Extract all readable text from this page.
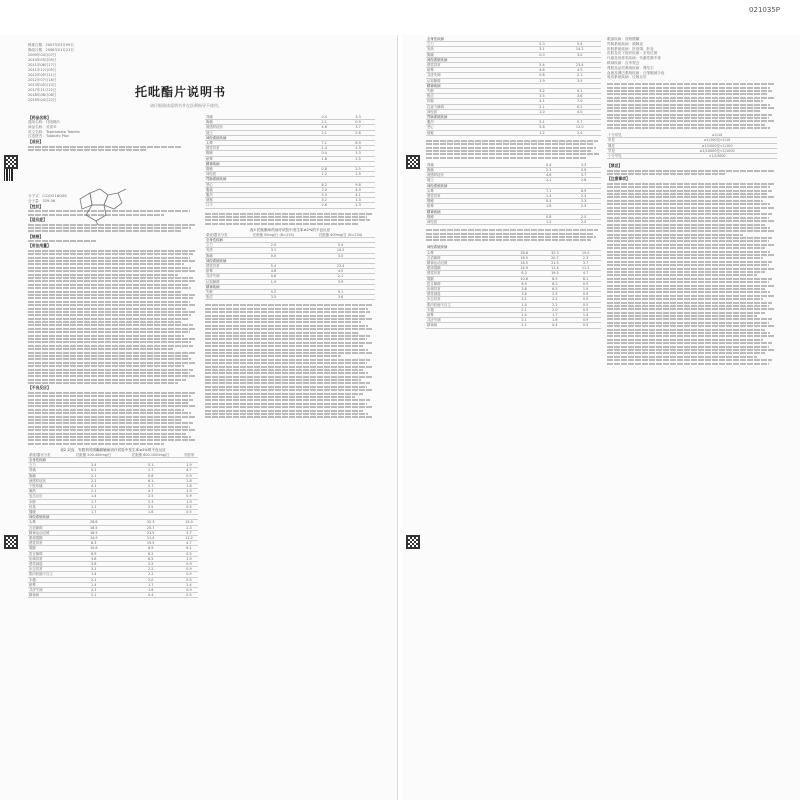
021035P
核准日期：2007年03月09日
修改日期：2008年01月21日
2009年04月07日
2010年05月05日
2011年08月17日
2011年12月05日
2012年05月11日
2012年07月18日
2013年05月13日
2017年11月22日
2018年06月06日
2019年04月22日
托吡酯片说明书
请仔细阅读说明书并在医师指导下使用。
【药品名称】
通用名称：托吡酯片
商品名称：妥泰®
英文名称：Topiramate Tablets
汉语拼音：Tuobizhi Pian
【成份】
分子式：C12H21NO8S
分子量：339.36
【性状】
【适应症】
【规格】
【用法用量】
【不良反应】
表2 双盲、安慰剂对照癫痫辅助治疗试验中发生率≥2%的不良反应
系统/器官分类	托吡酯 200-400mg/日	托吡酯 600-1000mg/日	安慰剂
全身性疾病			
乏力	3.4	5.1	1.9
背痛	5.1	2.7	4.7
胸痛	2.1	0.6	0.9
流感样症状	2.1	6.1	2.8
下肢疼痛	4.1	2.7	1.8
潮热	2.1	4.7	1.9
变态反应	1.4	2.5	0.9
水肿	1.7	2.3	1.9
体臭	1.1	2.5	0.5
僵硬	1.7	1.8	0.5
神经系统疾病			
头晕	28.6	32.3	15.0
言语障碍	16.5	20.7	2.3
精神运动迟缓	16.5	21.5	3.7
眼球震颤	14.9	11.4	11.2
感觉异常	8.3	19.5	4.7
震颤	10.6	8.9	6.1
语言障碍	6.9	6.2	0.5
协调异常	3.8	6.5	1.9
感觉减退	3.8	2.5	0.9
步态异常	3.1	2.2	0.9
肌肉收缩不自主	1.4	2.2	0.5
木僵	2.1	2.0	0.5
眩晕	1.4	1.7	1.4
共济失调	2.1	1.6	0.9
精神病	2.1	0.4	0.5
背痛	0.4	3.3
胸痛	2.1	0.9
流感样症状	4.6	3.7
疲乏	2.1	2.8
神经系统疾病		
头晕	7.1	8.9
感觉异常	1.4	2.3
嗜睡	0.4	3.3
眩晕	1.8	2.5
精神疾病		
嗜睡	0.8	2.5
神经质	1.2	2.5
胃肠系统疾病		
恶心	6.2	9.8
腹痛	2.0	4.9
腹泻	5.3	4.1
便秘	3.2	1.3
口干	2.6	2.3
表3 托吡酯单药治疗试验中发生率≥2%的不良反应
系统/器官分类	托吡酯 50mg/日 (N=233)	托吡酯 400mg/日 (N=234)
全身性疾病		
乏力	2.0	5.4
发热	3.1	14.2
胸痛	0.0	3.0
神经系统疾病		
感觉异常	5.4	23.4
眩晕	4.6	4.5
共济失调	0.8	2.1
认知障碍	1.9	3.9
精神疾病		
失眠	5.2	9.1
焦虑	3.5	3.6
全身性疾病		
乏力	2.0	5.4
发热	3.1	14.2
胸痛	0.0	3.0
神经系统疾病		
感觉异常	5.4	23.4
眩晕	4.6	4.5
共济失调	0.8	2.1
认知障碍	1.9	3.9
精神疾病		
失眠	5.2	9.1
焦虑	3.5	3.6
抑郁	4.1	7.0
注意力障碍	2.1	6.2
神经质	1.0	4.0
胃肠系统疾病		
腹泻	5.1	5.7
恶心	5.8	12.0
便秘	1.2	2.4
背痛	0.4	3.3
胸痛	2.1	0.9
流感样症状	4.6	3.7
疲乏	2.1	2.8
神经系统疾病		
头晕	7.1	8.9
感觉异常	1.4	2.3
嗜睡	0.4	3.3
眩晕	1.8	2.5
精神疾病		
嗜睡	0.8	2.5
神经质	1.2	2.5
神经系统疾病			
头晕	28.6	32.3	15.0
言语障碍	16.5	20.7	2.3
精神运动迟缓	16.5	21.5	3.7
眼球震颤	14.9	11.4	11.2
感觉异常	8.3	19.5	4.7
震颤	10.6	8.9	6.1
语言障碍	6.9	6.2	0.5
协调异常	3.8	6.5	1.9
感觉减退	3.8	2.5	0.9
步态异常	3.1	2.2	0.9
肌肉收缩不自主	1.4	2.2	0.5
木僵	2.1	2.0	0.5
眩晕	1.4	1.7	1.4
共济失调	2.1	1.6	0.9
精神病	2.1	0.4	0.5
眼部疾病：视物模糊
胃肠系统疾病：胰腺炎
肝胆系统疾病：肝衰竭、肝炎
皮肤及皮下组织疾病：多形红斑
代谢及营养类疾病：代谢性酸中毒
精神疾病：自杀观念
肾脏及泌尿系统疾病：肾结石
血液及淋巴系统疾病：白细胞减少症
免疫系统疾病：过敏反应
十分常见	≥1/10
常见	≥1/100至<1/10
偶见	≥1/1000至<1/100
罕见	≥1/10000至<1/1000
十分罕见	<1/10000
【禁忌】
【注意事项】
